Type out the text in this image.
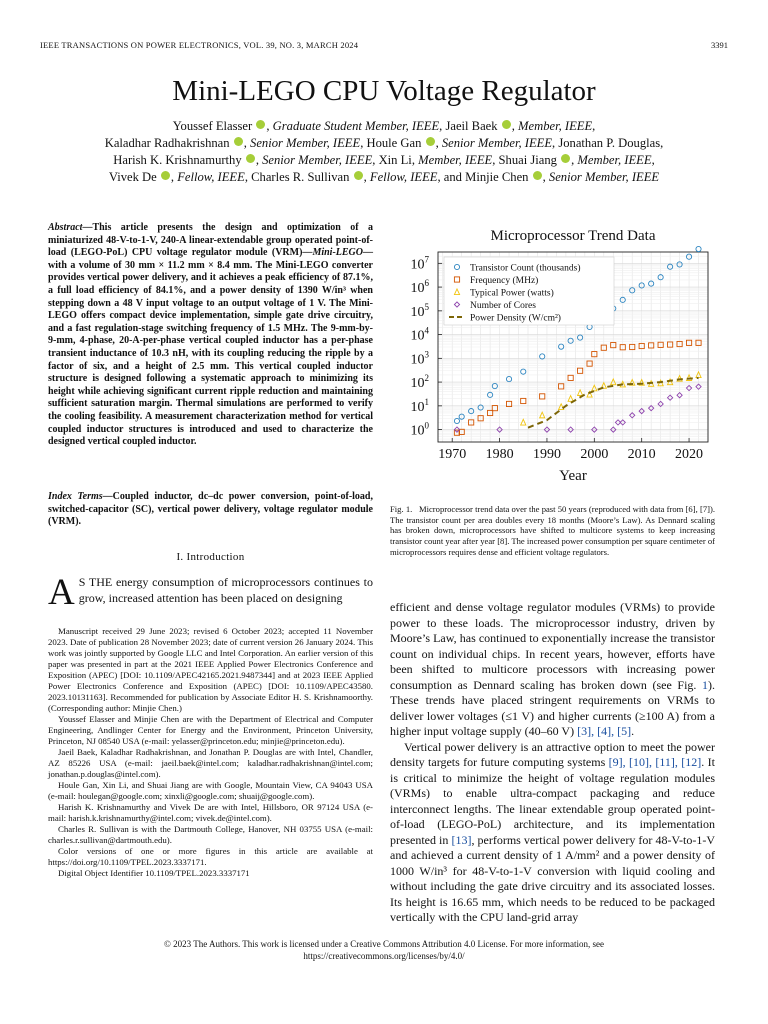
IEEE TRANSACTIONS ON POWER ELECTRONICS, VOL. 39, NO. 3, MARCH 2024	3391
Mini-LEGO CPU Voltage Regulator
Youssef Elasser , Graduate Student Member, IEEE, Jaeil Baek , Member, IEEE,
Kaladhar Radhakrishnan , Senior Member, IEEE, Houle Gan , Senior Member, IEEE, Jonathan P. Douglas,
Harish K. Krishnamurthy , Senior Member, IEEE, Xin Li, Member, IEEE, Shuai Jiang , Member, IEEE,
Vivek De , Fellow, IEEE, Charles R. Sullivan , Fellow, IEEE, and Minjie Chen , Senior Member, IEEE
Abstract—This article presents the design and optimization of a miniaturized 48-V-to-1-V, 240-A linear-extendable group operated point-of-load (LEGO-PoL) CPU voltage regulator module (VRM)—Mini-LEGO—with a volume of 30 mm × 11.2 mm × 8.4 mm. The Mini-LEGO converter provides vertical power delivery, and it achieves a peak efficiency of 87.1%, a full load efficiency of 84.1%, and a power density of 1390 W/in³ when stepping down a 48 V input voltage to an output voltage of 1 V. The Mini-LEGO offers compact device implementation, simple gate drive circuitry, and a fast regulation-stage switching frequency of 1.5 MHz. The 9-mm-by-9-mm, 4-phase, 20-A-per-phase vertical coupled inductor has a per-phase transient inductance of 10.3 nH, with its coupling reducing the ripple by a factor of six, and a height of 2.5 mm. This vertical coupled inductor structure is designed following a systematic approach to minimizing its height while achieving significant current ripple reduction and maintaining sufficient saturation margin. Thermal simulations are performed to verify the cooling feasibility. A measurement characterization method for vertical coupled inductor structures is introduced and used to characterize the designed vertical coupled inductor.
Index Terms—Coupled inductor, dc–dc power conversion, point-of-load, switched-capacitor (SC), vertical power delivery, voltage regulator module (VRM).
I. Introduction
A S THE energy consumption of microprocessors continues to grow, increased attention has been placed on designing

Manuscript received 29 June 2023; revised 6 October 2023; accepted 11 November 2023. Date of publication 28 November 2023; date of current version 26 January 2024. This work was jointly supported by Google LLC and Intel Corporation. An earlier version of this paper was presented in part at the 2021 IEEE Applied Power Electronics Conference and Exposition (APEC) [DOI: 10.1109/APEC42165.2021.9487344] and at 2023 IEEE Applied Power Electronics Conference and Exposition (APEC) [DOI: 10.1109/APEC43580. 2023.10131163]. Recommended for publication by Associate Editor H. S. Krishnamoorthy. (Corresponding author: Minjie Chen.)

Youssef Elasser and Minjie Chen are with the Department of Electrical and Computer Engineering, Andlinger Center for Energy and the Environment, Princeton University, Princeton, NJ 08540 USA (e-mail: yelasser@princeton.edu; minjie@princeton.edu).

Jaeil Baek, Kaladhar Radhakrishnan, and Jonathan P. Douglas are with Intel, Chandler, AZ 85226 USA (e-mail: jaeil.baek@intel.com; kaladhar.radhakrishnan@intel.com; jonathan.p.douglas@intel.com).

Houle Gan, Xin Li, and Shuai Jiang are with Google, Mountain View, CA 94043 USA (e-mail: houlegan@google.com; xinxli@google.com; shuaij@google.com).

Harish K. Krishnamurthy and Vivek De are with Intel, Hillsboro, OR 97124 USA (e-mail: harish.k.krishnamurthy@intel.com; vivek.de@intel.com).

Charles R. Sullivan is with the Dartmouth College, Hanover, NH 03755 USA (e-mail: charles.r.sullivan@dartmouth.edu).

Color versions of one or more figures in this article are available at https://doi.org/10.1109/TPEL.2023.3337171.

Digital Object Identifier 10.1109/TPEL.2023.3337171

Microprocessor Trend Data
1970 1980 1990 2000 2010 2020
Year
$10^0$
$10^1$
$10^2$
$10^3$
$10^4$
$10^5$
$10^6$
$10^7$
Transistor Count (thousands)
Frequency (MHz)
Typical Power (watts)
Number of Cores
Power Density (W/cm²)
Fig. 1. Microprocessor trend data over the past 50 years (reproduced with data from [6], [7]). The transistor count per area doubles every 18 months (Moore’s Law). As Dennard scaling has broken down, microprocessors have shifted to multicore systems to keep increasing transistor count year after year [8]. The increased power consumption per square centimeter of microprocessors requires dense and efficient voltage regulators.

efficient and dense voltage regulator modules (VRMs) to provide power to these loads. The microprocessor industry, driven by Moore’s Law, has continued to exponentially increase the transistor count on individual chips. In recent years, however, efforts have been shifted to multicore processors with increasing power consumption as Dennard scaling has broken down (see Fig. 1). These trends have placed stringent requirements on VRMs to deliver lower voltages (≤1 V) and higher currents (≥100 A) from a higher input voltage supply (40–60 V) [3], [4], [5].

Vertical power delivery is an attractive option to meet the power density targets for future computing systems [9], [10], [11], [12]. It is critical to minimize the height of voltage regulation modules (VRMs) to enable ultra-compact packaging and reduce interconnect lengths. The linear extendable group operated point-of-load (LEGO-PoL) architecture, and its implementation presented in [13], performs vertical power delivery for 48-V-to-1-V and achieved a current density of 1 A/mm² and a power density of 1000 W/in³ for 48-V-to-1-V conversion with liquid cooling and without including the gate drive circuitry and its associated losses. Its height is 16.65 mm, which needs to be reduced to be packaged vertically with the CPU land-grid array

© 2023 The Authors. This work is licensed under a Creative Commons Attribution 4.0 License. For more information, see
https://creativecommons.org/licenses/by/4.0/
